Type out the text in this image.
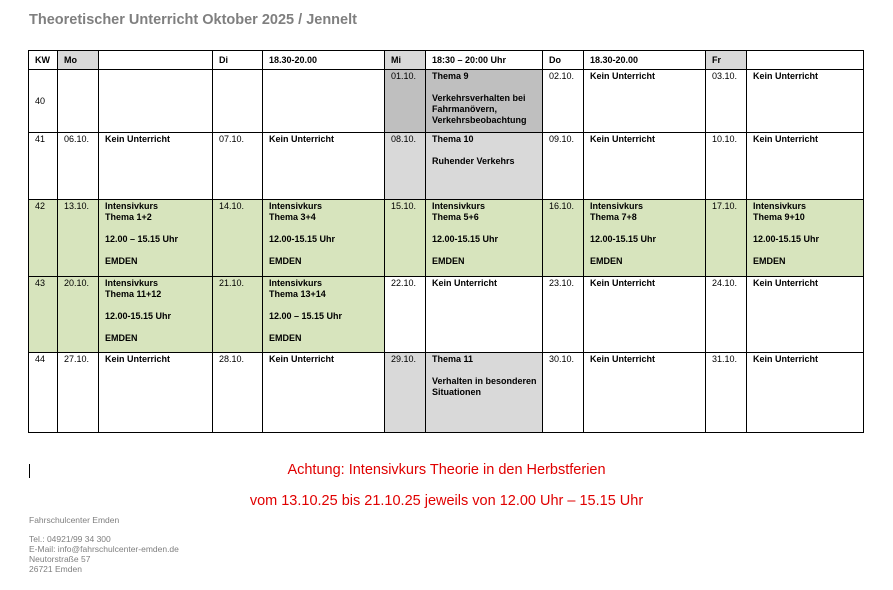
Theoretischer Unterricht Oktober 2025 / Jennelt
KW	Mo		Di	18.30-20.00	Mi	18:30 – 20:00 Uhr	Do	18.30-20.00	Fr	
40					01.10.	Thema 9

Verkehrsverhalten bei Fahrmanövern, Verkehrsbeobachtung	02.10.	Kein Unterricht	03.10.	Kein Unterricht
41	06.10.	Kein Unterricht	07.10.	Kein Unterricht	08.10.	Thema 10

Ruhender Verkehrs	09.10.	Kein Unterricht	10.10.	Kein Unterricht
42	13.10.	Intensivkurs
Thema 1+2

12.00 – 15.15 Uhr

EMDEN	14.10.	Intensivkurs
Thema 3+4

12.00-15.15 Uhr

EMDEN	15.10.	Intensivkurs
Thema 5+6

12.00-15.15 Uhr

EMDEN	16.10.	Intensivkurs
Thema 7+8

12.00-15.15 Uhr

EMDEN	17.10.	Intensivkurs
Thema 9+10

12.00-15.15 Uhr

EMDEN
43	20.10.	Intensivkurs
Thema 11+12

12.00-15.15 Uhr

EMDEN	21.10.	Intensivkurs
Thema 13+14

12.00 – 15.15 Uhr

EMDEN	22.10.	Kein Unterricht	23.10.	Kein Unterricht	24.10.	Kein Unterricht
44	27.10.	Kein Unterricht	28.10.	Kein Unterricht	29.10.	Thema 11

Verhalten in besonderen Situationen	30.10.	Kein Unterricht	31.10.	Kein Unterricht
Achtung: Intensivkurs Theorie in den Herbstferien
vom 13.10.25 bis 21.10.25 jeweils von 12.00 Uhr – 15.15 Uhr
Fahrschulcenter Emden
Tel.: 04921/99 34 300
E-Mail: info@fahrschulcenter-emden.de
Neutorstraße 57
26721 Emden
